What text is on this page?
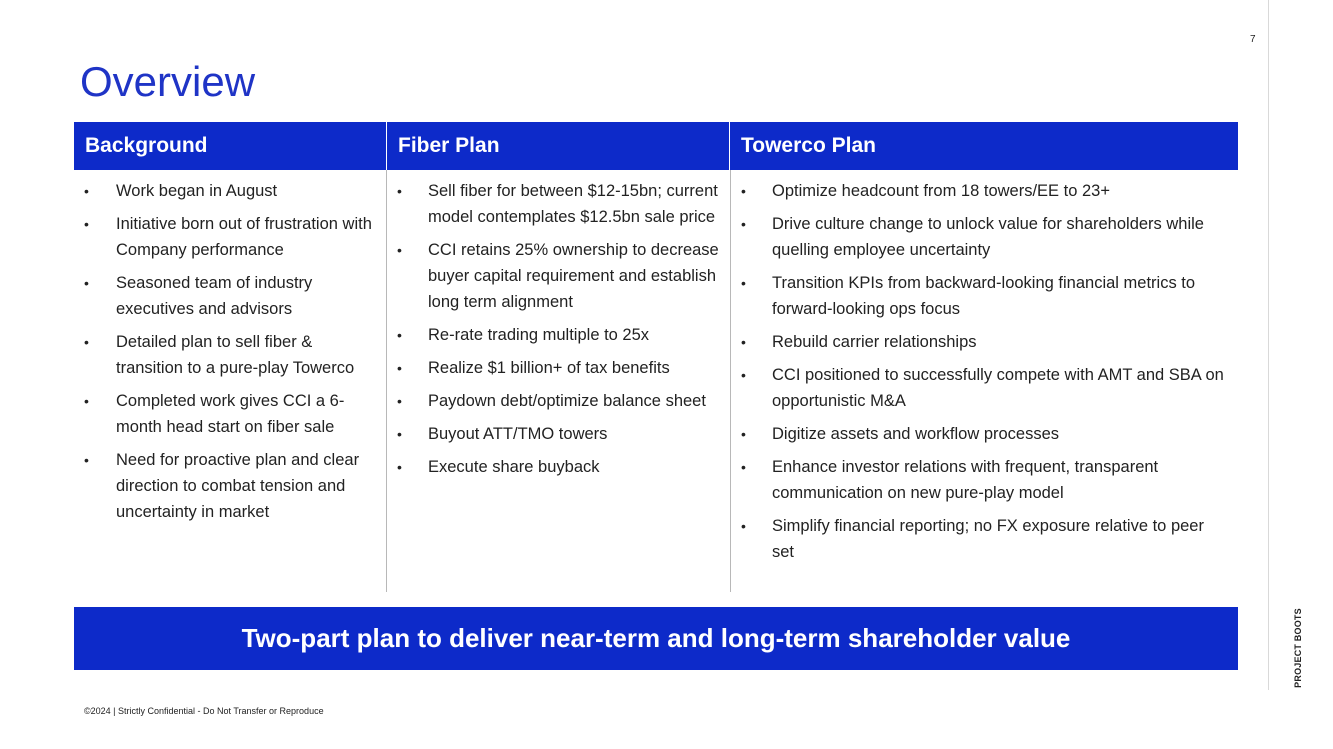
7
Overview
Background	Fiber Plan	Towerco Plan
• Work began in August
• Initiative born out of frustration with Company performance
• Seasoned team of industry executives and advisors
• Detailed plan to sell fiber & transition to a pure-play Towerco
• Completed work gives CCI a 6-month head start on fiber sale
• Need for proactive plan and clear direction to combat tension and uncertainty in market
• Sell fiber for between $12-15bn; current model contemplates $12.5bn sale price
• CCI retains 25% ownership to decrease buyer capital requirement and establish long term alignment
• Re-rate trading multiple to 25x
• Realize $1 billion+ of tax benefits
• Paydown debt/optimize balance sheet
• Buyout ATT/TMO towers
• Execute share buyback
• Optimize headcount from 18 towers/EE to 23+
• Drive culture change to unlock value for shareholders while quelling employee uncertainty
• Transition KPIs from backward-looking financial metrics to forward-looking ops focus
• Rebuild carrier relationships
• CCI positioned to successfully compete with AMT and SBA on opportunistic M&A
• Digitize assets and workflow processes
• Enhance investor relations with frequent, transparent communication on new pure-play model
• Simplify financial reporting; no FX exposure relative to peer set
Two-part plan to deliver near-term and long-term shareholder value
©2024 | Strictly Confidential - Do Not Transfer or Reproduce
PROJECT BOOTS
